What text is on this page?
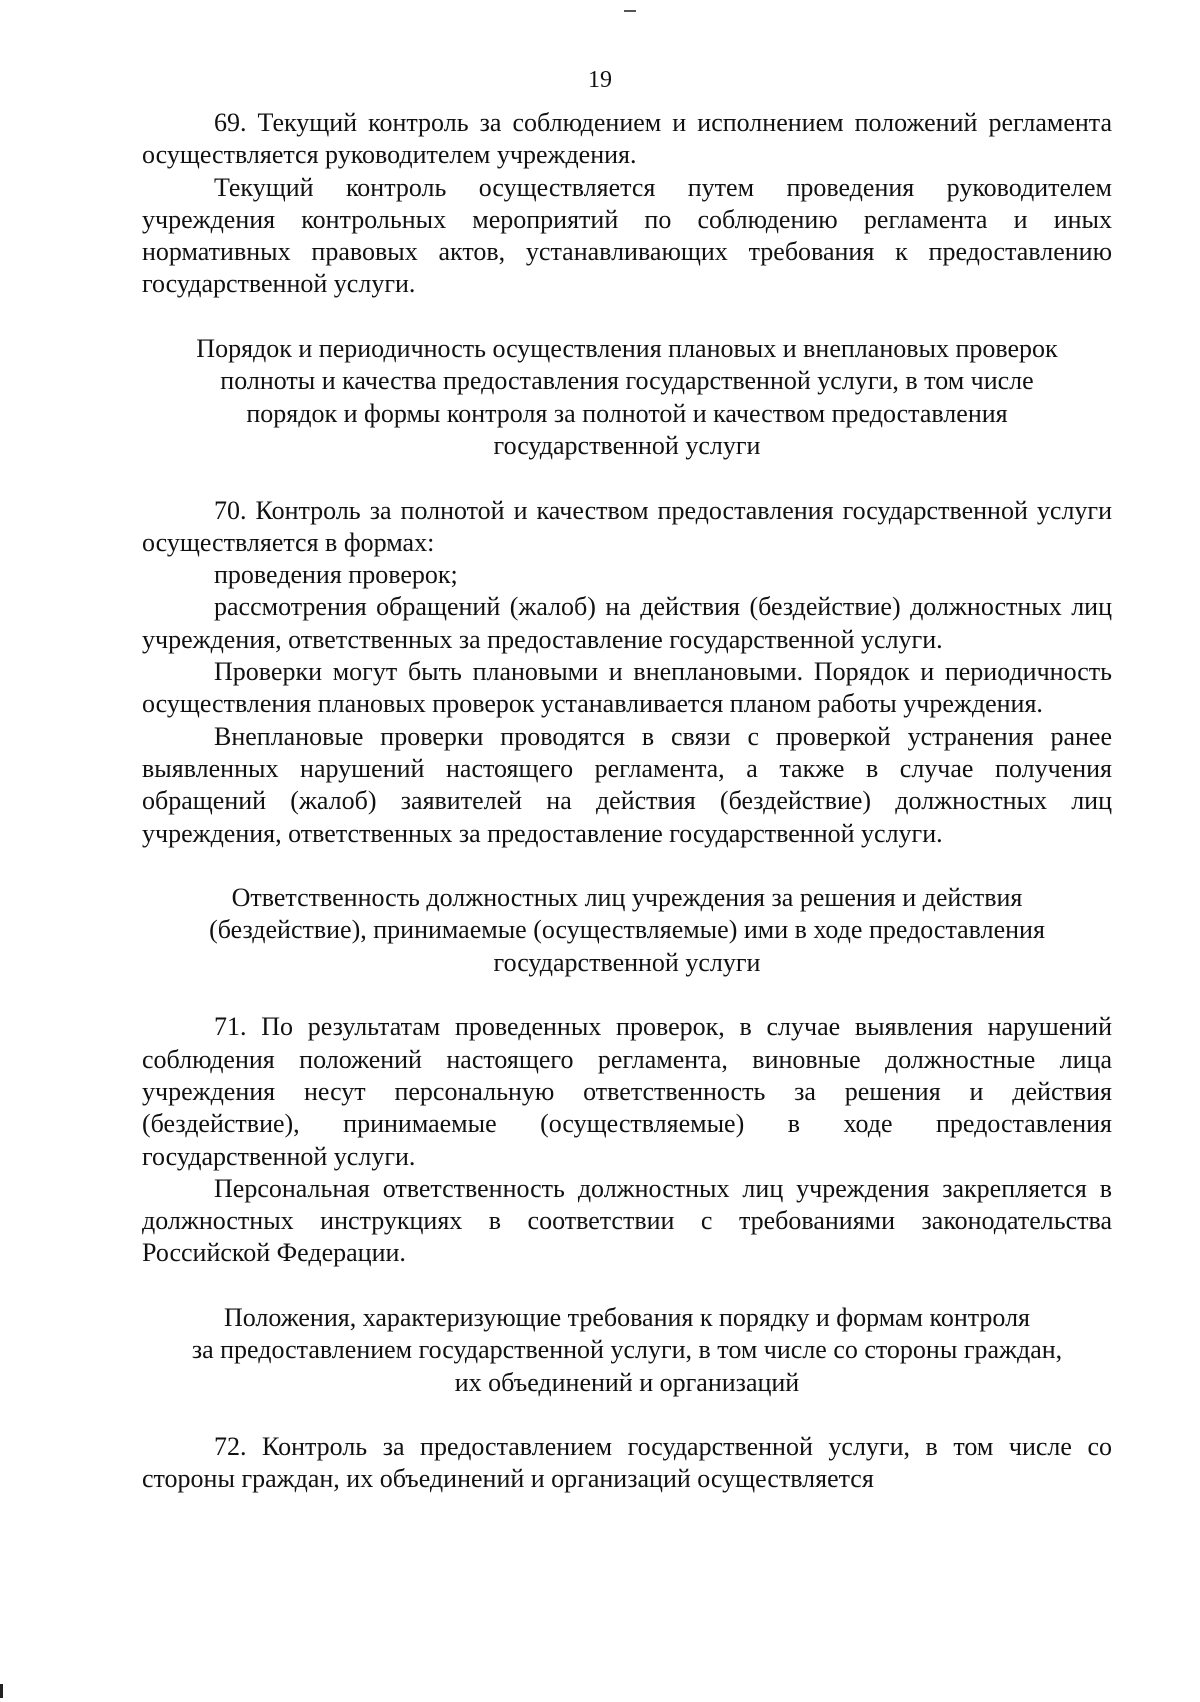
19

69. Текущий контроль за соблюдением и исполнением положений регламента осуществляется руководителем учреждения.

Текущий контроль осуществляется путем проведения руководителем учреждения контрольных мероприятий по соблюдению регламента и иных нормативных правовых актов, устанавливающих требования к предоставлению государственной услуги.

Порядок и периодичность осуществления плановых и внеплановых проверок
полноты и качества предоставления государственной услуги, в том числе
порядок и формы контроля за полнотой и качеством предоставления
государственной услуги

70. Контроль за полнотой и качеством предоставления государственной услуги осуществляется в формах:

проведения проверок;

рассмотрения обращений (жалоб) на действия (бездействие) должностных лиц учреждения, ответственных за предоставление государственной услуги.

Проверки могут быть плановыми и внеплановыми. Порядок и периодичность осуществления плановых проверок устанавливается планом работы учреждения.

Внеплановые проверки проводятся в связи с проверкой устранения ранее выявленных нарушений настоящего регламента, а также в случае получения обращений (жалоб) заявителей на действия (бездействие) должностных лиц учреждения, ответственных за предоставление государственной услуги.

Ответственность должностных лиц учреждения за решения и действия
(бездействие), принимаемые (осуществляемые) ими в ходе предоставления
государственной услуги

71. По результатам проведенных проверок, в случае выявления нарушений соблюдения положений настоящего регламента, виновные должностные лица учреждения несут персональную ответственность за решения и действия (бездействие), принимаемые (осуществляемые) в ходе предоставления государственной услуги.

Персональная ответственность должностных лиц учреждения закрепляется в должностных инструкциях в соответствии с требованиями законодательства Российской Федерации.

Положения, характеризующие требования к порядку и формам контроля
за предоставлением государственной услуги, в том числе со стороны граждан,
их объединений и организаций

72. Контроль за предоставлением государственной услуги, в том числе со стороны граждан, их объединений и организаций осуществляется
